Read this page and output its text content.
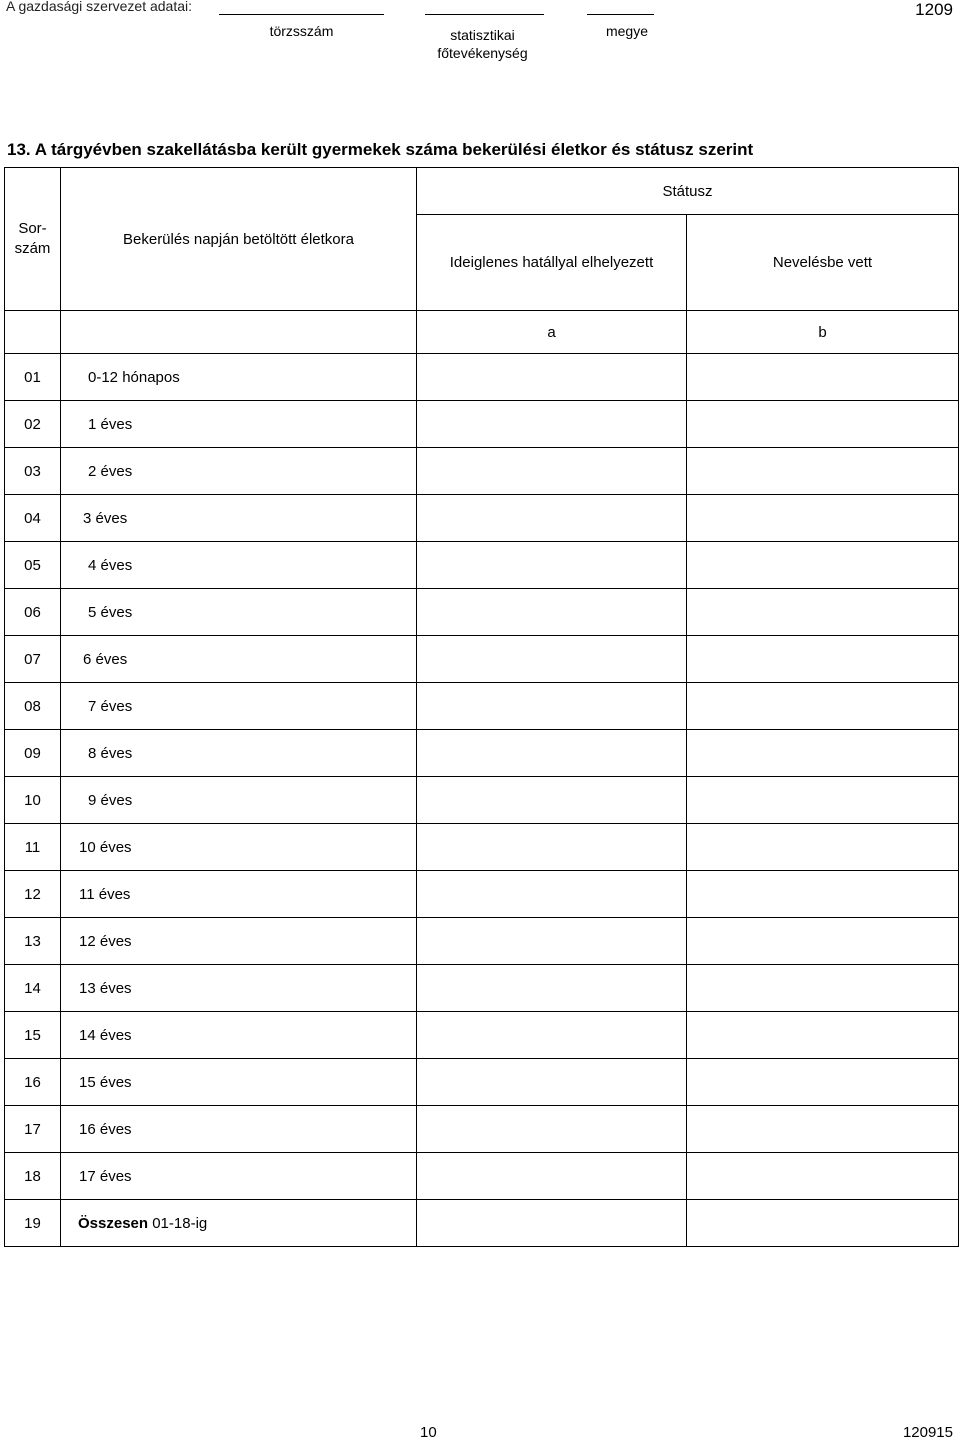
A gazdasági szervezet adatai:	1209
törzsszám	statisztikai főtevékenység
megye
13. A tárgyévben szakellátásba került gyermekek száma bekerülési életkor és státusz szerint
Sor-
szám	Bekerülés napján betöltött életkora	Státusz	
		Ideiglenes hatállyal elhelyezett	Nevelésbe vett
		a	b
01	0-12 hónapos		
02	1 éves		
03	2 éves		
04	3 éves		
05	4 éves		
06	5 éves		
07	6 éves		
08	7 éves		
09	8 éves		
10	9 éves		
11	10 éves		
12	11 éves		
13	12 éves		
14	13 éves		
15	14 éves		
16	15 éves		
17	16 éves		
18	17 éves		
19	Összesen 01-18-ig		
10	120915
